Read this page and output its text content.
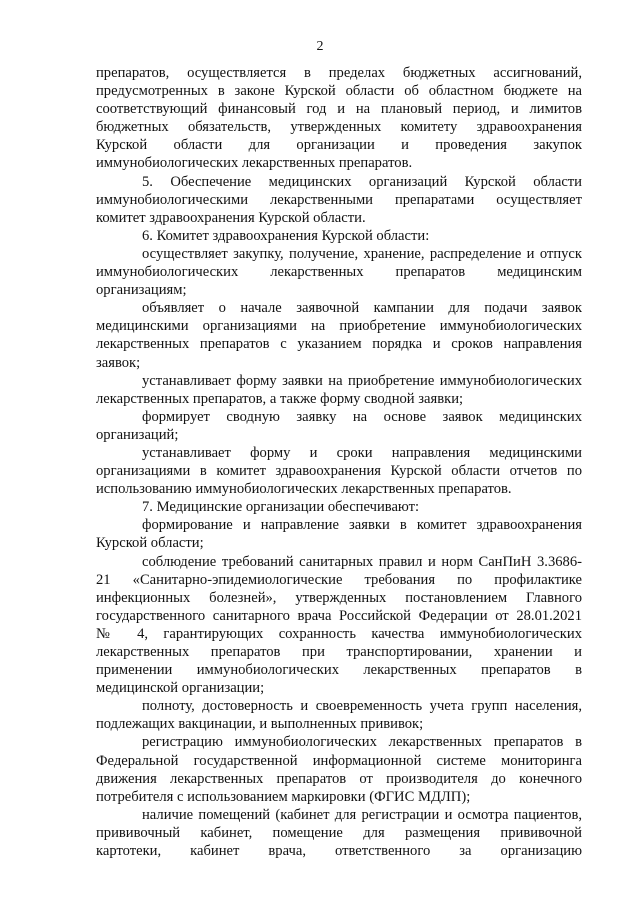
2
препаратов, осуществляется в пределах бюджетных ассигнований,
предусмотренных в законе Курской области об областном бюджете на
соответствующий финансовый год и на плановый период, и лимитов
бюджетных обязательств, утвержденных комитету здравоохранения
Курской области для организации и проведения закупок
иммунобиологических лекарственных препаратов.
5. Обеспечение медицинских организаций Курской области
иммунобиологическими лекарственными препаратами осуществляет
комитет здравоохранения Курской области.
6. Комитет здравоохранения Курской области:
осуществляет закупку, получение, хранение, распределение и отпуск
иммунобиологических лекарственных препаратов медицинским
организациям;
объявляет о начале заявочной кампании для подачи заявок
медицинскими организациями на приобретение иммунобиологических
лекарственных препаратов с указанием порядка и сроков направления
заявок;
устанавливает форму заявки на приобретение иммунобиологических
лекарственных препаратов, а также форму сводной заявки;
формирует сводную заявку на основе заявок медицинских
организаций;
устанавливает форму и сроки направления медицинскими
организациями в комитет здравоохранения Курской области отчетов по
использованию иммунобиологических лекарственных препаратов.
7. Медицинские организации обеспечивают:
формирование и направление заявки в комитет здравоохранения
Курской области;
соблюдение требований санитарных правил и норм СанПиН 3.3686-
21 «Санитарно-эпидемиологические требования по профилактике
инфекционных болезней», утвержденных постановлением Главного
государственного санитарного врача Российской Федерации от 28.01.2021
№ 4, гарантирующих сохранность качества иммунобиологических
лекарственных препаратов при транспортировании, хранении и
применении иммунобиологических лекарственных препаратов в
медицинской организации;
полноту, достоверность и своевременность учета групп населения,
подлежащих вакцинации, и выполненных прививок;
регистрацию иммунобиологических лекарственных препаратов в
Федеральной государственной информационной системе мониторинга
движения лекарственных препаратов от производителя до конечного
потребителя с использованием маркировки (ФГИС МДЛП);
наличие помещений (кабинет для регистрации и осмотра пациентов,
прививочный кабинет, помещение для размещения прививочной
картотеки, кабинет врача, ответственного за организацию
